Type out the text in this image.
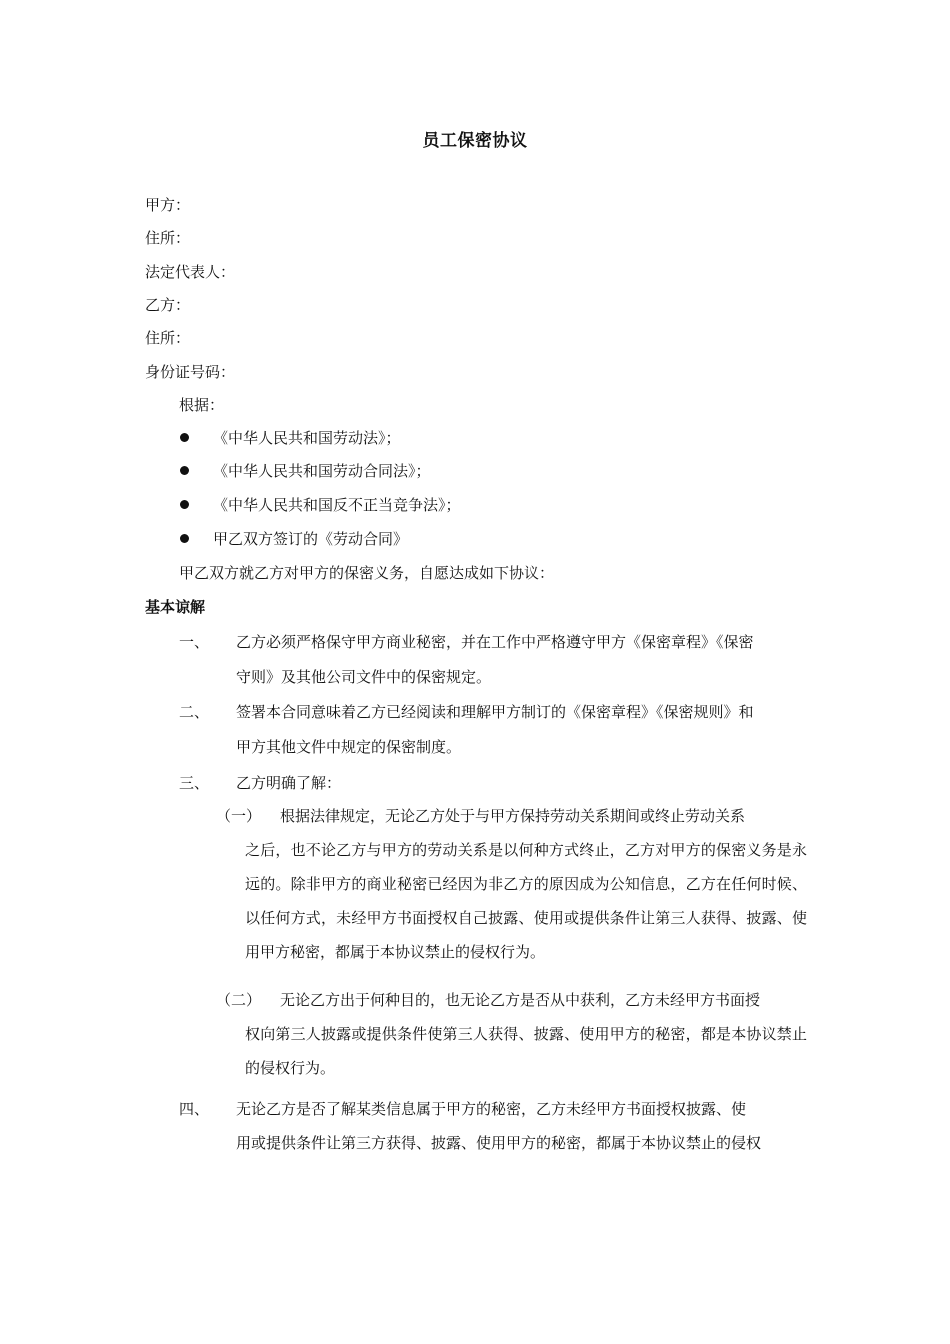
员工保密协议
甲方：
住所：
法定代表人：
乙方：
住所：
身份证号码：
根据：
《中华人民共和国劳动法》；
《中华人民共和国劳动合同法》；
《中华人民共和国反不正当竞争法》；
甲乙双方签订的《劳动合同》
甲乙双方就乙方对甲方的保密义务，自愿达成如下协议：
基本谅解
一、 乙方必须严格保守甲方商业秘密，并在工作中严格遵守甲方《保密章程》《保密
守则》及其他公司文件中的保密规定。
二、 签署本合同意味着乙方已经阅读和理解甲方制订的《保密章程》《保密规则》和
甲方其他文件中规定的保密制度。
三、 乙方明确了解：
（一） 根据法律规定，无论乙方处于与甲方保持劳动关系期间或终止劳动关系
之后，也不论乙方与甲方的劳动关系是以何种方式终止，乙方对甲方的保密义务是永远的。除非甲方的商业秘密已经因为非乙方的原因成为公知信息，乙方在任何时候、以任何方式，未经甲方书面授权自己披露、使用或提供条件让第三人获得、披露、使用甲方秘密，都属于本协议禁止的侵权行为。
（二） 无论乙方出于何种目的，也无论乙方是否从中获利，乙方未经甲方书面授
权向第三人披露或提供条件使第三人获得、披露、使用甲方的秘密，都是本协议禁止的侵权行为。
四、 无论乙方是否了解某类信息属于甲方的秘密，乙方未经甲方书面授权披露、使
用或提供条件让第三方获得、披露、使用甲方的秘密，都属于本协议禁止的侵权
